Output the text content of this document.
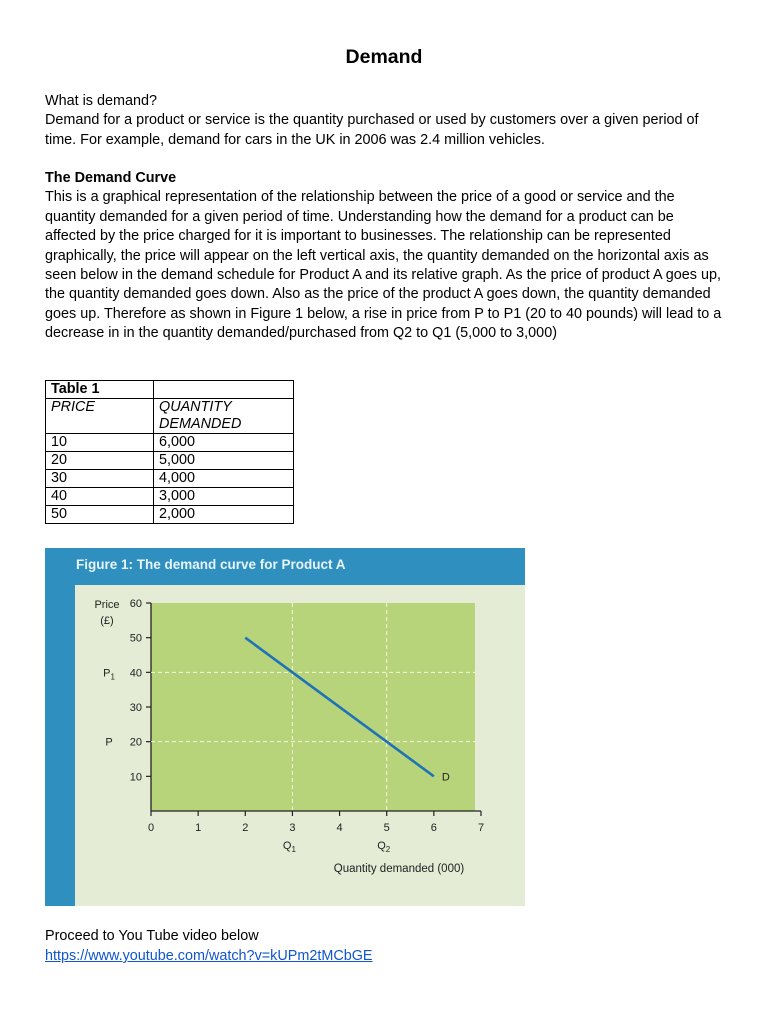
Demand
What is demand?
Demand for a product or service is the quantity purchased or used by customers over a given period of time. For example, demand for cars in the UK in 2006 was 2.4 million vehicles.
The Demand Curve
This is a graphical representation of the relationship between the price of a good or service and the quantity demanded for a given period of time. Understanding how the demand for a product can be affected by the price charged for it is important to businesses. The relationship can be represented graphically, the price will appear on the left vertical axis, the quantity demanded on the horizontal axis as seen below in the demand schedule for Product A and its relative graph. As the price of product A goes up, the quantity demanded goes down. Also as the price of the product A goes down, the quantity demanded goes up. Therefore as shown in Figure 1 below, a rise in price from P to P1 (20 to 40 pounds) will lead to a decrease in in the quantity demanded/purchased from Q2 to Q1 (5,000 to 3,000)
Table 1	
PRICE	QUANTITY DEMANDED
10	6,000
20	5,000
30	4,000
40	3,000
50	2,000
10
20
30
40
50
60
0	1	2	3	4	5	6	7
Price (£)
Quantity demanded (000)
P
$P_1$
$Q_1$	$Q_2$
D
Figure 1: The demand curve for Product A
Proceed to You Tube video below
https://www.youtube.com/watch?v=kUPm2tMCbGE
